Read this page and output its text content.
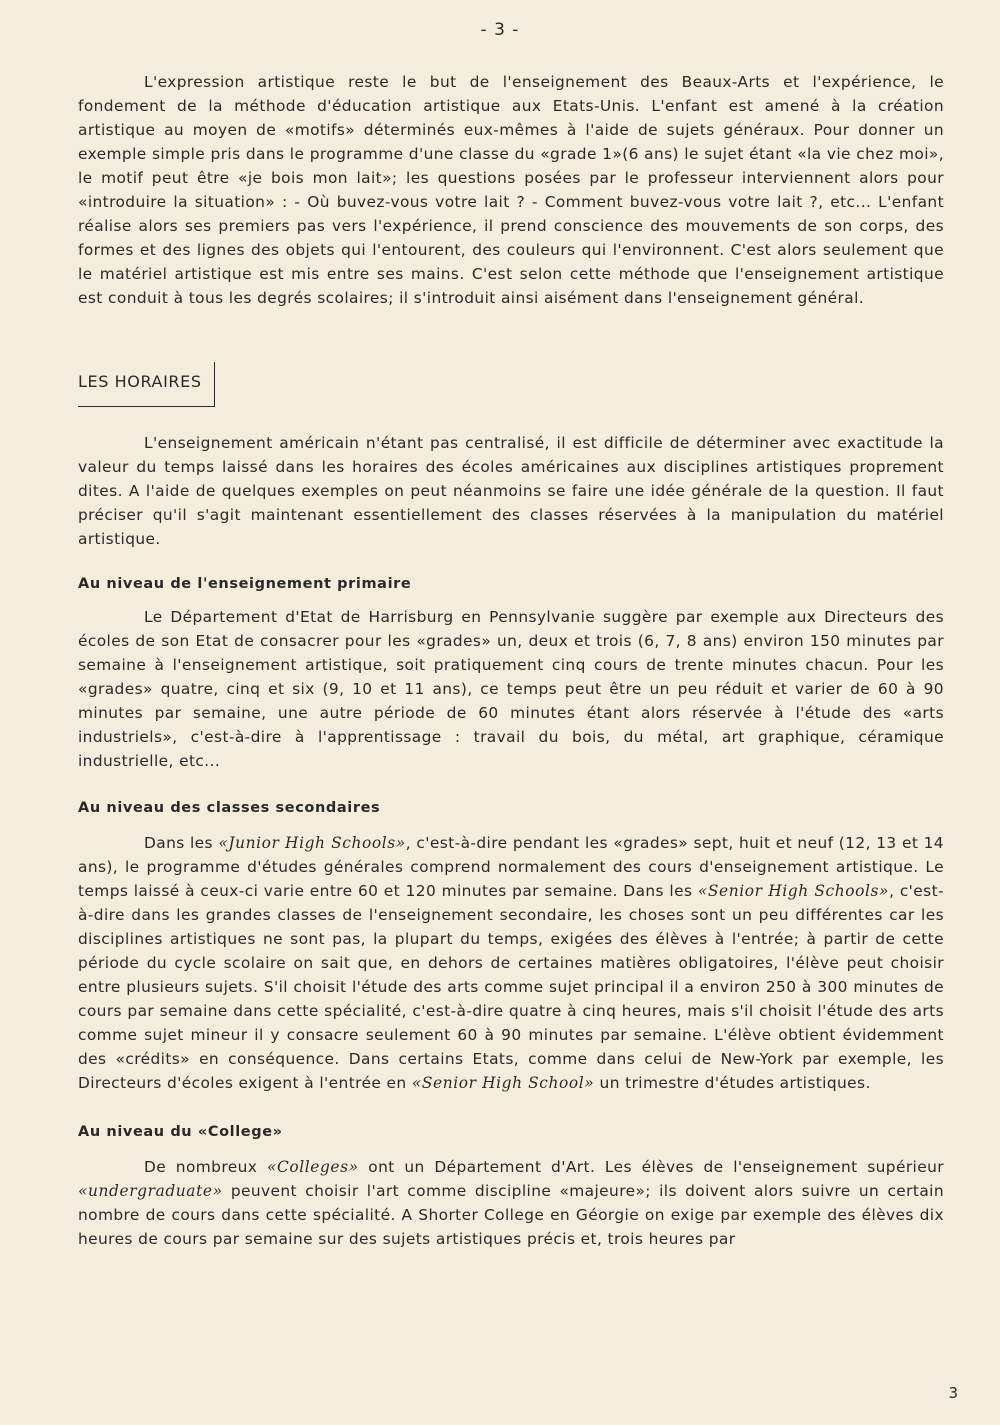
- 3 -

L'expression artistique reste le but de l'enseignement des Beaux-Arts et l'expérience, le fondement de la méthode d'éducation artistique aux Etats-Unis. L'enfant est amené à la création artistique au moyen de «motifs» déterminés eux-mêmes à l'aide de sujets généraux. Pour donner un exemple simple pris dans le programme d'une classe du «grade 1»(6 ans) le sujet étant «la vie chez moi», le motif peut être «je bois mon lait»; les questions posées par le professeur interviennent alors pour «introduire la situation» : - Où buvez-vous votre lait ? - Comment buvez-vous votre lait ?, etc... L'enfant réalise alors ses premiers pas vers l'expérience, il prend conscience des mouvements de son corps, des formes et des lignes des objets qui l'entourent, des couleurs qui l'environnent. C'est alors seulement que le matériel artistique est mis entre ses mains. C'est selon cette méthode que l'enseignement artistique est conduit à tous les degrés scolaires; il s'introduit ainsi aisément dans l'enseignement général.

LES HORAIRES

L'enseignement américain n'étant pas centralisé, il est difficile de déterminer avec exactitude la valeur du temps laissé dans les horaires des écoles américaines aux disciplines artistiques proprement dites. A l'aide de quelques exemples on peut néanmoins se faire une idée générale de la question. Il faut préciser qu'il s'agit maintenant essentiellement des classes réservées à la manipulation du matériel artistique.

Au niveau de l'enseignement primaire

Le Département d'Etat de Harrisburg en Pennsylvanie suggère par exemple aux Directeurs des écoles de son Etat de consacrer pour les «grades» un, deux et trois (6, 7, 8 ans) environ 150 minutes par semaine à l'enseignement artistique, soit pratiquement cinq cours de trente minutes chacun. Pour les «grades» quatre, cinq et six (9, 10 et 11 ans), ce temps peut être un peu réduit et varier de 60 à 90 minutes par semaine, une autre période de 60 minutes étant alors réservée à l'étude des «arts industriels», c'est-à-dire à l'apprentissage : travail du bois, du métal, art graphique, céramique industrielle, etc...

Au niveau des classes secondaires

Dans les «Junior High Schools», c'est-à-dire pendant les «grades» sept, huit et neuf (12, 13 et 14 ans), le programme d'études générales comprend normalement des cours d'enseignement artistique. Le temps laissé à ceux-ci varie entre 60 et 120 minutes par semaine. Dans les «Senior High Schools», c'est-à-dire dans les grandes classes de l'enseignement secondaire, les choses sont un peu différentes car les disciplines artistiques ne sont pas, la plupart du temps, exigées des élèves à l'entrée; à partir de cette période du cycle scolaire on sait que, en dehors de certaines matières obligatoires, l'élève peut choisir entre plusieurs sujets. S'il choisit l'étude des arts comme sujet principal il a environ 250 à 300 minutes de cours par semaine dans cette spécialité, c'est-à-dire quatre à cinq heures, mais s'il choisit l'étude des arts comme sujet mineur il y consacre seulement 60 à 90 minutes par semaine. L'élève obtient évidemment des «crédits» en conséquence. Dans certains Etats, comme dans celui de New-York par exemple, les Directeurs d'écoles exigent à l'entrée en «Senior High School» un trimestre d'études artistiques.

Au niveau du «College»

De nombreux «Colleges» ont un Département d'Art. Les élèves de l'enseignement supérieur «undergraduate» peuvent choisir l'art comme discipline «majeure»; ils doivent alors suivre un certain nombre de cours dans cette spécialité. A Shorter College en Géorgie on exige par exemple des élèves dix heures de cours par semaine sur des sujets artistiques précis et, trois heures par

3
